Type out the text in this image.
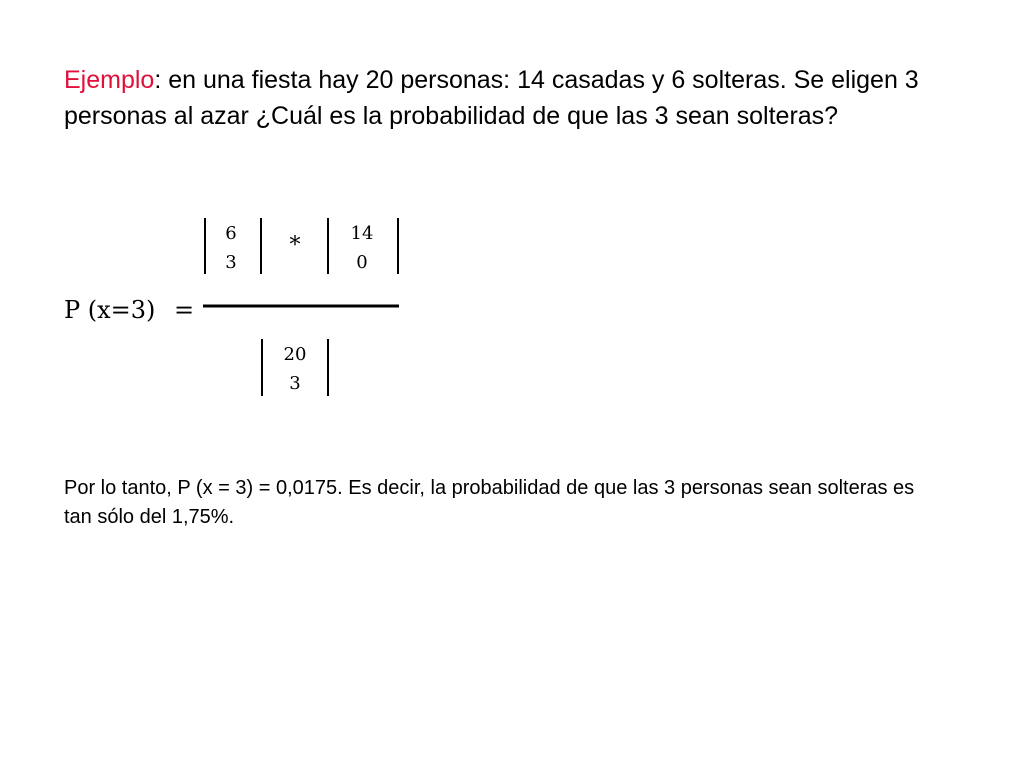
Ejemplo: en una fiesta hay 20 personas: 14 casadas y 6 solteras. Se eligen 3 personas al azar ¿Cuál es la probabilidad de que las 3 sean solteras?

P (x=3) =
6
3
*	14
0
20
3

Por lo tanto, P (x = 3) = 0,0175. Es decir, la probabilidad de que las 3 personas sean solteras es tan sólo del 1,75%.
